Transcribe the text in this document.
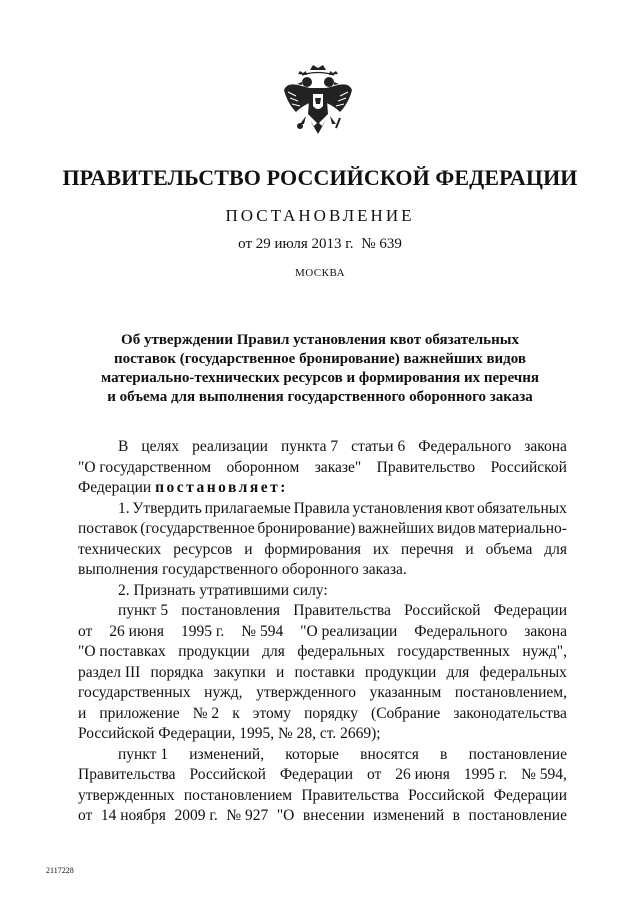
ПРАВИТЕЛЬСТВО РОССИЙСКОЙ ФЕДЕРАЦИИ
ПОСТАНОВЛЕНИЕ
от 29 июля 2013 г. № 639
МОСКВА
Об утверждении Правил установления квот обязательных
поставок (государственное бронирование) важнейших видов
материально-технических ресурсов и формирования их перечня
и объема для выполнения государственного оборонного заказа
В целях реализации пункта 7 статьи 6 Федерального закона
"О государственном оборонном заказе" Правительство Российской
Федерации постановляет:
1. Утвердить прилагаемые Правила установления квот обязательных
поставок (государственное бронирование) важнейших видов материально-
технических ресурсов и формирования их перечня и объема для
выполнения государственного оборонного заказа.
2. Признать утратившими силу:
пункт 5 постановления Правительства Российской Федерации
от 26 июня 1995 г. № 594 "О реализации Федерального закона
"О поставках продукции для федеральных государственных нужд",
раздел III порядка закупки и поставки продукции для федеральных
государственных нужд, утвержденного указанным постановлением,
и приложение № 2 к этому порядку (Собрание законодательства
Российской Федерации, 1995, № 28, ст. 2669);
пункт 1 изменений, которые вносятся в постановление
Правительства Российской Федерации от 26 июня 1995 г. № 594,
утвержденных постановлением Правительства Российской Федерации
от 14 ноября 2009 г. № 927 "О внесении изменений в постановление
2117228
